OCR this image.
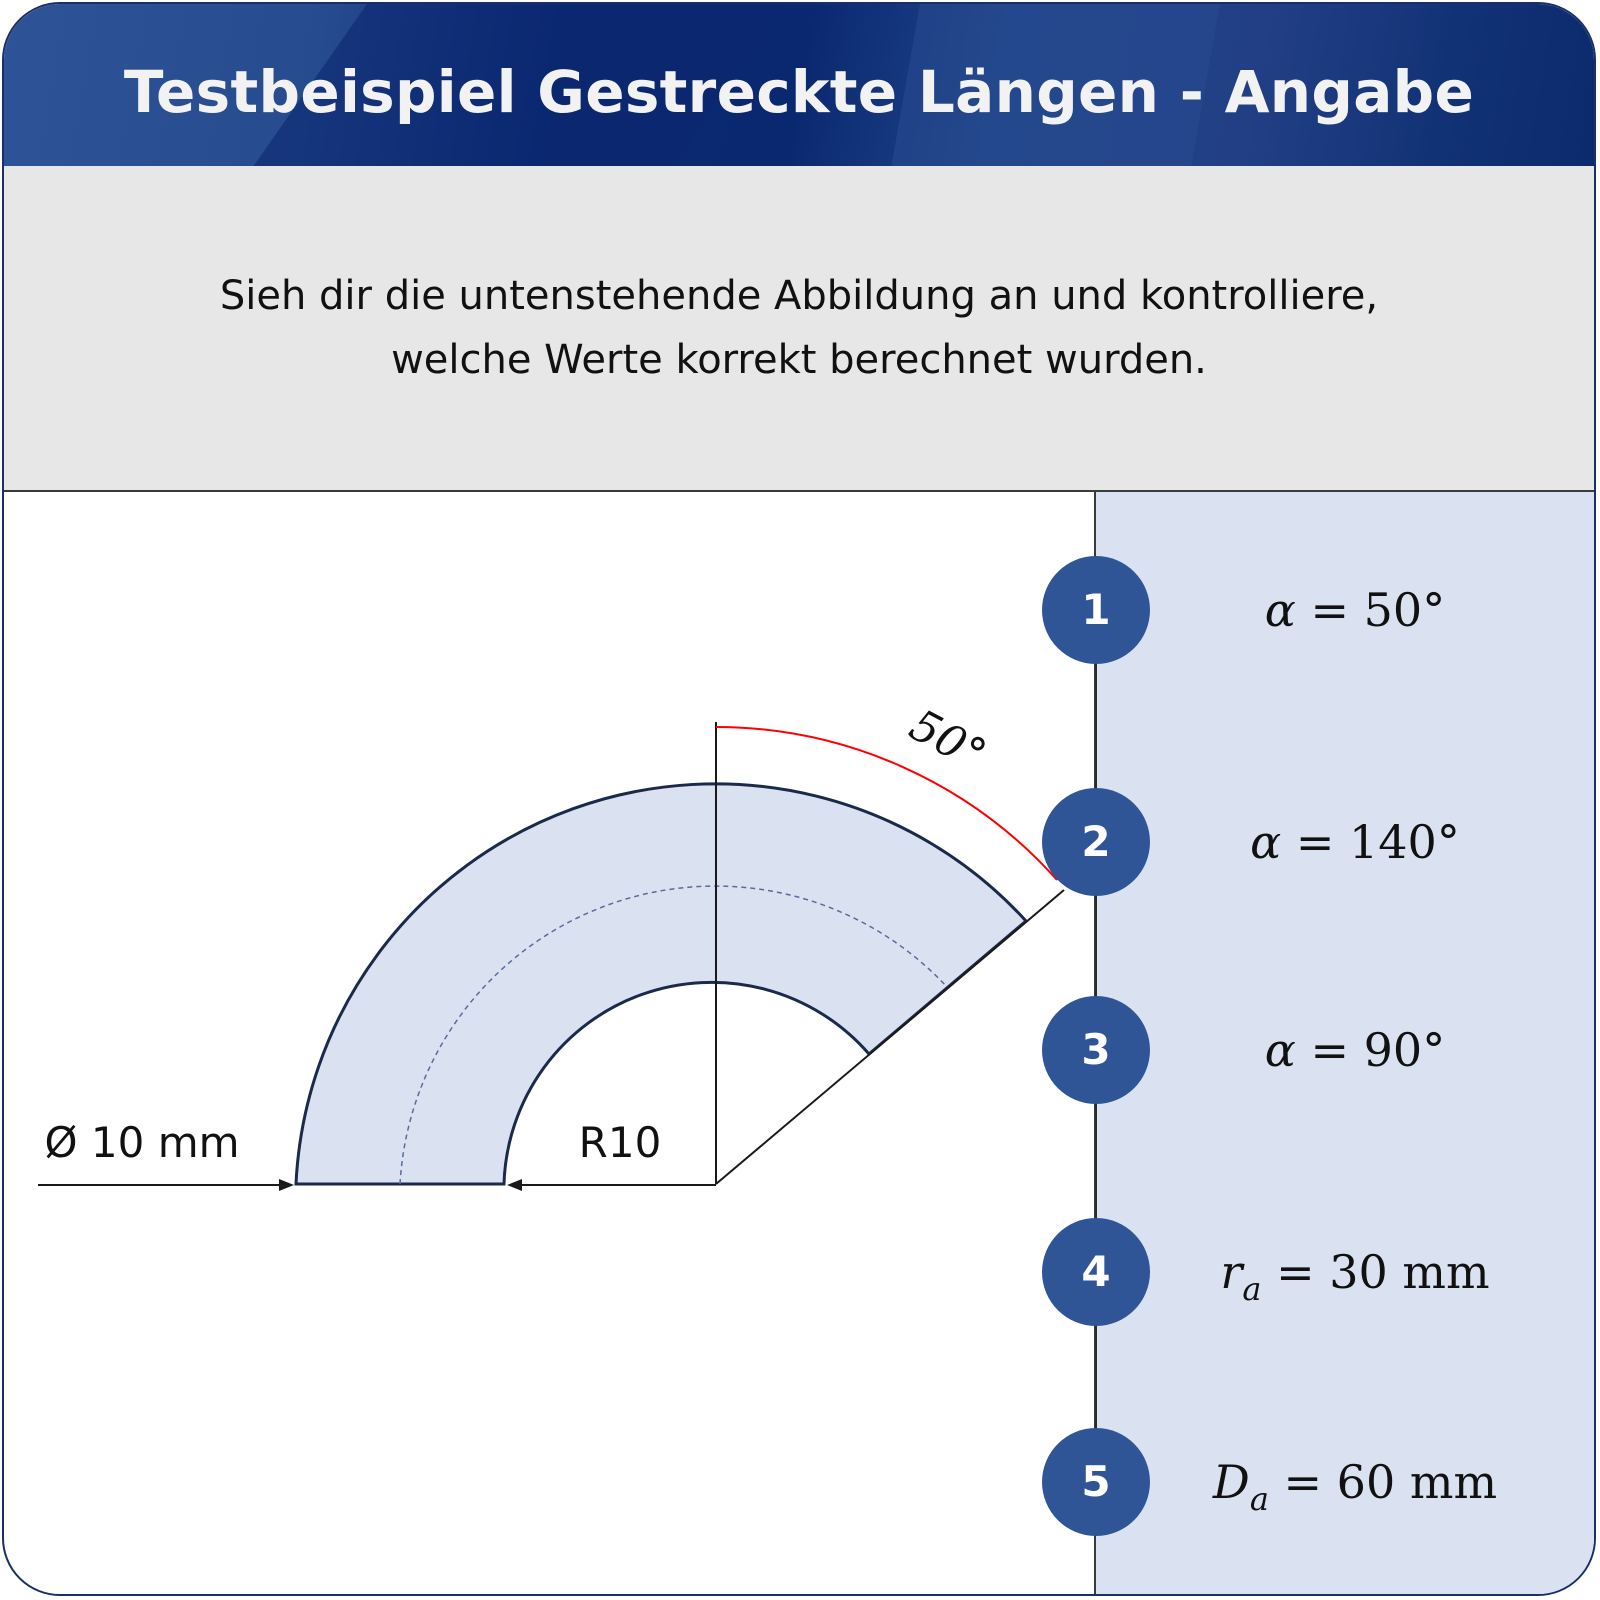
Testbeispiel Gestreckte Längen - Angabe

Sieh dir die untenstehende Abbildung an und kontrolliere,

welche Werte korrekt berechnet wurden.

50°
Ø 10 mm	R10
1	α = 50°
2	α = 140°
3	α = 90°
4	$r_a = 30$ mm
5	$D_a = 60$ mm
